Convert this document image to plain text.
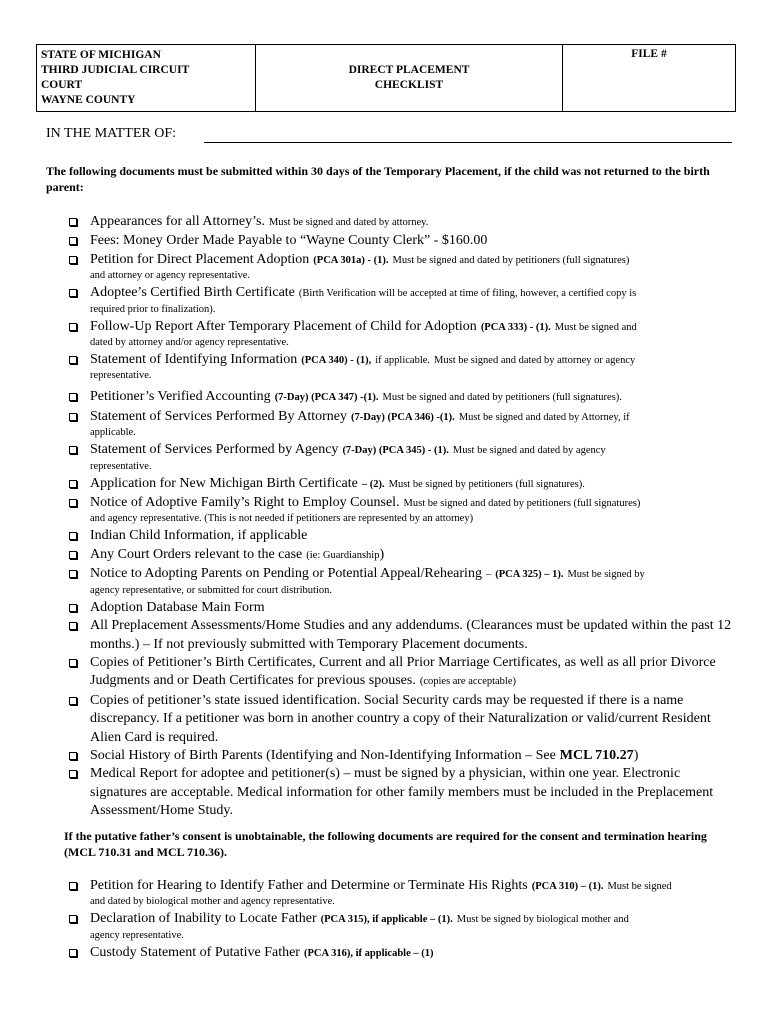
STATE OF MICHIGAN
THIRD JUDICIAL CIRCUIT
COURT
WAYNE COUNTY

DIRECT PLACEMENT
CHECKLIST
	FILE #
IN THE MATTER OF:
The following documents must be submitted within 30 days of the Temporary Placement, if the child was not returned to the birth parent:
Appearances for all Attorney’s. Must be signed and dated by attorney.
Fees: Money Order Made Payable to “Wayne County Clerk” - $160.00
Petition for Direct Placement Adoption (PCA 301a) - (1). Must be signed and dated by petitioners (full signatures)
and attorney or agency representative.
Adoptee’s Certified Birth Certificate (Birth Verification will be accepted at time of filing, however, a certified copy is
required prior to finalization).
Follow-Up Report After Temporary Placement of Child for Adoption (PCA 333) - (1). Must be signed and
dated by attorney and/or agency representative.
Statement of Identifying Information (PCA 340) - (1), if applicable. Must be signed and dated by attorney or agency
representative.
Petitioner’s Verified Accounting (7-Day) (PCA 347) -(1). Must be signed and dated by petitioners (full signatures).
Statement of Services Performed By Attorney (7-Day) (PCA 346) -(1). Must be signed and dated by Attorney, if
applicable.
Statement of Services Performed by Agency (7-Day) (PCA 345) - (1). Must be signed and dated by agency
representative.
Application for New Michigan Birth Certificate – (2). Must be signed by petitioners (full signatures).
Notice of Adoptive Family’s Right to Employ Counsel. Must be signed and dated by petitioners (full signatures)
and agency representative. (This is not needed if petitioners are represented by an attorney)
Indian Child Information, if applicable
Any Court Orders relevant to the case (ie: Guardianship)
Notice to Adopting Parents on Pending or Potential Appeal/Rehearing – (PCA 325) – 1). Must be signed by
agency representative, or submitted for court distribution.
Adoption Database Main Form
All Preplacement Assessments/Home Studies and any addendums. (Clearances must be updated within the past 12 months.) – If not previously submitted with Temporary Placement documents.
Copies of Petitioner’s Birth Certificates, Current and all Prior Marriage Certificates, as well as all prior Divorce Judgments and or Death Certificates for previous spouses. (copies are acceptable)
Copies of petitioner’s state issued identification. Social Security cards may be requested if there is a name discrepancy. If a petitioner was born in another country a copy of their Naturalization or valid/current Resident Alien Card is required.
Social History of Birth Parents (Identifying and Non-Identifying Information – See MCL 710.27)
Medical Report for adoptee and petitioner(s) – must be signed by a physician, within one year. Electronic signatures are acceptable. Medical information for other family members must be included in the Preplacement Assessment/Home Study.
If the putative father’s consent is unobtainable, the following documents are required for the consent and termination hearing (MCL 710.31 and MCL 710.36).
Petition for Hearing to Identify Father and Determine or Terminate His Rights (PCA 310) – (1). Must be signed
and dated by biological mother and agency representative.
Declaration of Inability to Locate Father (PCA 315), if applicable – (1). Must be signed by biological mother and
agency representative.
Custody Statement of Putative Father (PCA 316), if applicable – (1)
